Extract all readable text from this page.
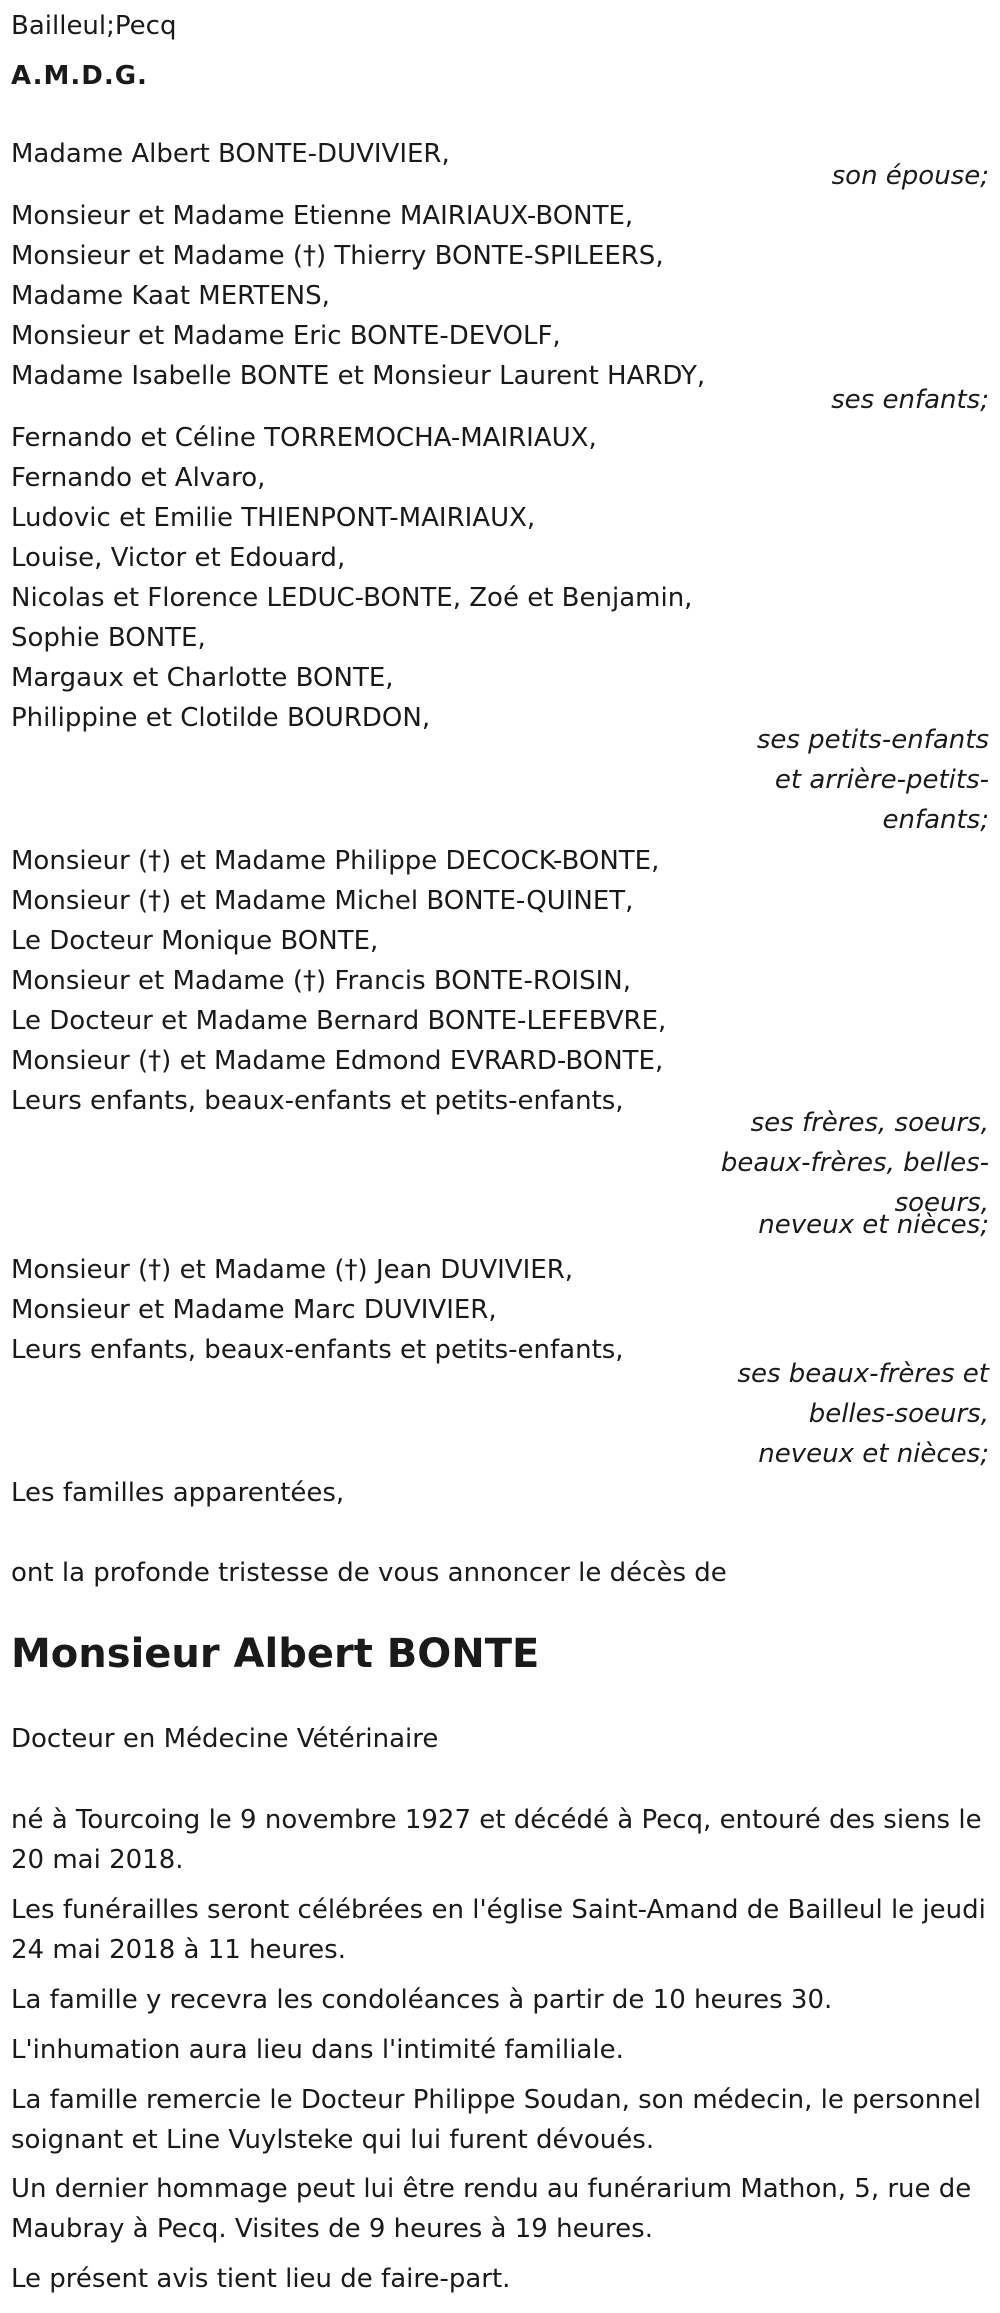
Bailleul;Pecq
A.M.D.G.
Madame Albert BONTE-DUVIVIER,
son épouse;
Monsieur et Madame Etienne MAIRIAUX-BONTE,
Monsieur et Madame (†) Thierry BONTE-SPILEERS,
Madame Kaat MERTENS,
Monsieur et Madame Eric BONTE-DEVOLF,
Madame Isabelle BONTE et Monsieur Laurent HARDY,
ses enfants;
Fernando et Céline TORREMOCHA-MAIRIAUX,
Fernando et Alvaro,
Ludovic et Emilie THIENPONT-MAIRIAUX,
Louise, Victor et Edouard,
Nicolas et Florence LEDUC-BONTE, Zoé et Benjamin,
Sophie BONTE,
Margaux et Charlotte BONTE,
Philippine et Clotilde BOURDON,
ses petits-enfants
et arrière-petits-
enfants;
Monsieur (†) et Madame Philippe DECOCK-BONTE,
Monsieur (†) et Madame Michel BONTE-QUINET,
Le Docteur Monique BONTE,
Monsieur et Madame (†) Francis BONTE-ROISIN,
Le Docteur et Madame Bernard BONTE-LEFEBVRE,
Monsieur (†) et Madame Edmond EVRARD-BONTE,
Leurs enfants, beaux-enfants et petits-enfants,
ses frères, soeurs,
beaux-frères, belles-
soeurs,
neveux et nièces;
Monsieur (†) et Madame (†) Jean DUVIVIER,
Monsieur et Madame Marc DUVIVIER,
Leurs enfants, beaux-enfants et petits-enfants,
ses beaux-frères et
belles-soeurs,
neveux et nièces;
Les familles apparentées,
ont la profonde tristesse de vous annoncer le décès de
Monsieur Albert BONTE
Docteur en Médecine Vétérinaire
né à Tourcoing le 9 novembre 1927 et décédé à Pecq, entouré des siens le 20 mai 2018.
Les funérailles seront célébrées en l'église Saint-Amand de Bailleul le jeudi 24 mai 2018 à 11 heures.
La famille y recevra les condoléances à partir de 10 heures 30.
L'inhumation aura lieu dans l'intimité familiale.
La famille remercie le Docteur Philippe Soudan, son médecin, le personnel soignant et Line Vuylsteke qui lui furent dévoués.
Un dernier hommage peut lui être rendu au funérarium Mathon, 5, rue de Maubray à Pecq. Visites de 9 heures à 19 heures.
Le présent avis tient lieu de faire-part.
